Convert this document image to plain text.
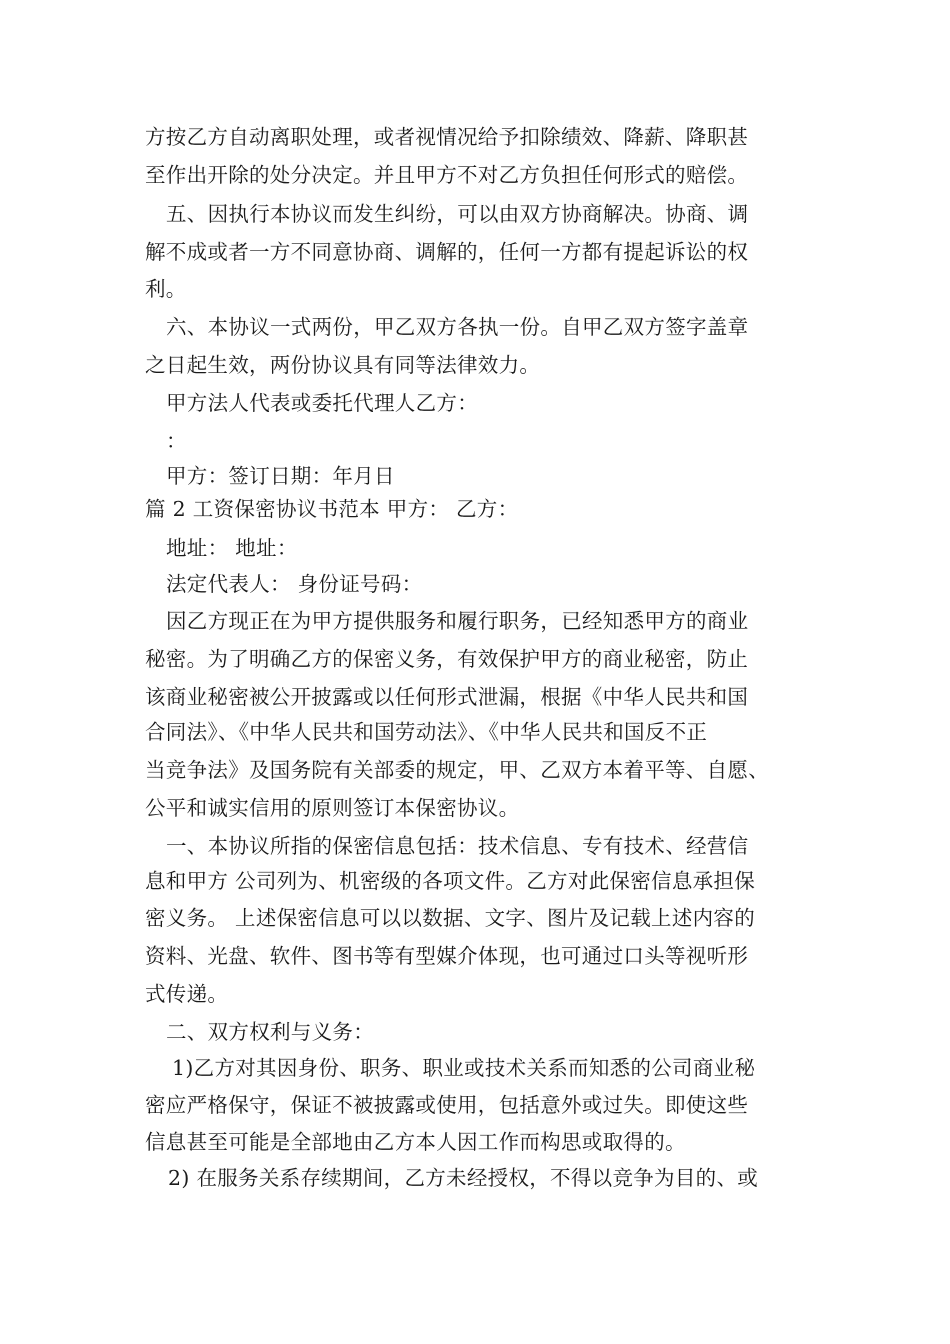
方按乙方自动离职处理，或者视情况给予扣除绩效、降薪、降职甚

至作出开除的处分决定。并且甲方不对乙方负担任何形式的赔偿。

五、因执行本协议而发生纠纷，可以由双方协商解决。协商、调

解不成或者一方不同意协商、调解的，任何一方都有提起诉讼的权

利。

六、本协议一式两份，甲乙双方各执一份。自甲乙双方签字盖章

之日起生效，两份协议具有同等法律效力。

甲方法人代表或委托代理人乙方：

：

甲方：签订日期：年月日

篇 2 工资保密协议书范本 甲方： 乙方：

地址： 地址：

法定代表人： 身份证号码：

因乙方现正在为甲方提供服务和履行职务，已经知悉甲方的商业

秘密。为了明确乙方的保密义务，有效保护甲方的商业秘密，防止

该商业秘密被公开披露或以任何形式泄漏，根据《中华人民共和国

合同法》、《中华人民共和国劳动法》、《中华人民共和国反不正

当竞争法》及国务院有关部委的规定，甲、乙双方本着平等、自愿、

公平和诚实信用的原则签订本保密协议。

一、本协议所指的保密信息包括：技术信息、专有技术、经营信

息和甲方 公司列为、机密级的各项文件。乙方对此保密信息承担保

密义务。 上述保密信息可以以数据、文字、图片及记载上述内容的

资料、光盘、软件、图书等有型媒介体现，也可通过口头等视听形

式传递。

二、双方权利与义务：

1)乙方对其因身份、职务、职业或技术关系而知悉的公司商业秘

密应严格保守，保证不被披露或使用，包括意外或过失。即使这些

信息甚至可能是全部地由乙方本人因工作而构思或取得的。

2) 在服务关系存续期间，乙方未经授权，不得以竞争为目的、或
